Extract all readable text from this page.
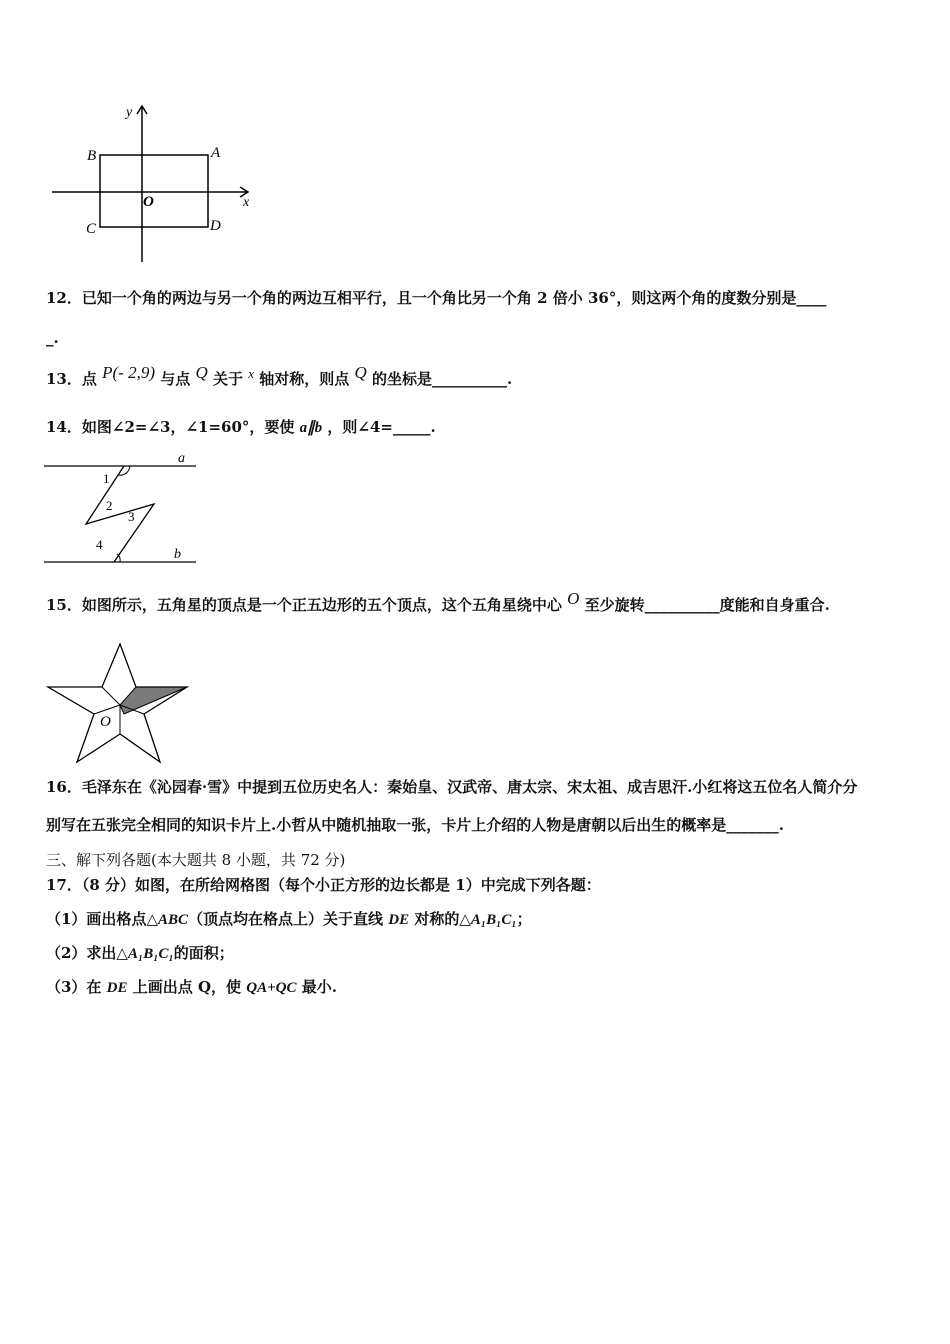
y
x
B	A
C	D
O
12．已知一个角的两边与另一个角的两边互相平行，且一个角比另一个角 2 倍小 36°，则这两个角的度数分别是____
_.
13．点 $^{P(- 2,9)}$ 与点 $^Q$ 关于 $^x$ 轴对称，则点 $^Q$ 的坐标是__________.
14．如图∠2=∠3，∠1=60°，要使 a∥b ，则∠4=_____.
a
b
1
2
3
4
15．如图所示，五角星的顶点是一个正五边形的五个顶点，这个五角星绕中心 $^O$ 至少旋转__________度能和自身重合.
O
16．毛泽东在《沁园春·雪》中提到五位历史名人：秦始皇、汉武帝、唐太宗、宋太祖、成吉思汗.小红将这五位名人简介分
别写在五张完全相同的知识卡片上.小哲从中随机抽取一张，卡片上介绍的人物是唐朝以后出生的概率是_______.
三、解下列各题(本大题共 8 小题，共 72 分)
17．（8 分）如图，在所给网格图（每个小正方形的边长都是 1）中完成下列各题：
（1）画出格点△ABC（顶点均在格点上）关于直线 DE 对称的△A₁B₁C₁；
（2）求出△A₁B₁C₁的面积；
（3）在 DE 上画出点 Q，使 QA+QC 最小.
